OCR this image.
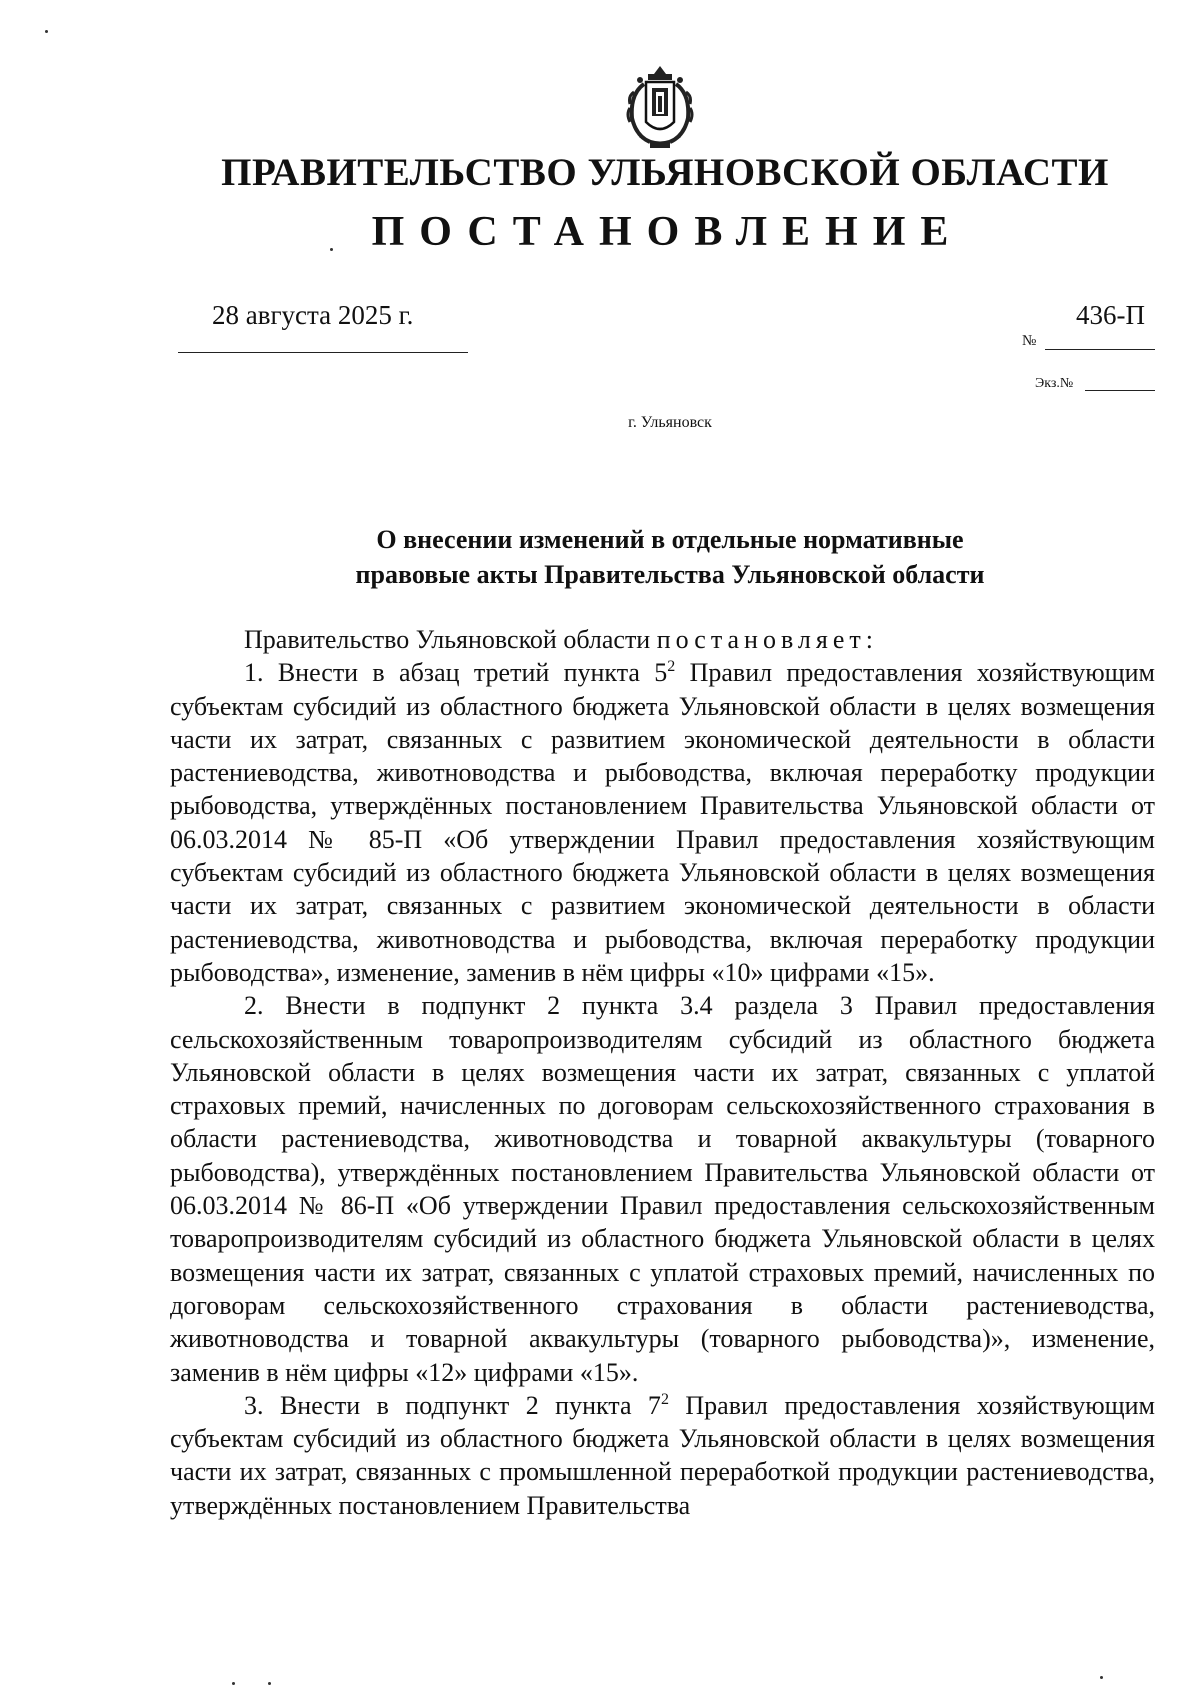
ПРАВИТЕЛЬСТВО УЛЬЯНОВСКОЙ ОБЛАСТИ
ПОСТАНОВЛЕНИЕ
28 августа 2025 г.	436-П
№
Экз.№
г. Ульяновск
О внесении изменений в отдельные нормативные
правовые акты Правительства Ульяновской области

Правительство Ульяновской области постановляет:

1. Внести в абзац третий пункта $5^2$ Правил предоставления хозяйствующим субъектам субсидий из областного бюджета Ульяновской области в целях возмещения части их затрат, связанных с развитием экономической деятельности в области растениеводства, животноводства и рыбоводства, включая переработку продукции рыбоводства, утверждённых постановлением Правительства Ульяновской области от 06.03.2014 № 85-П «Об утверждении Правил предоставления хозяйствующим субъектам субсидий из областного бюджета Ульяновской области в целях возмещения части их затрат, связанных с развитием экономической деятельности в области растениеводства, животноводства и рыбоводства, включая переработку продукции рыбоводства», изменение, заменив в нём цифры «10» цифрами «15».

2. Внести в подпункт 2 пункта 3.4 раздела 3 Правил предоставления сельскохозяйственным товаропроизводителям субсидий из областного бюджета Ульяновской области в целях возмещения части их затрат, связанных с уплатой страховых премий, начисленных по договорам сельскохозяйственного страхования в области растениеводства, животноводства и товарной аквакультуры (товарного рыбоводства), утверждённых постановлением Правительства Ульяновской области от 06.03.2014 № 86-П «Об утверждении Правил предоставления сельскохозяйственным товаропроизводителям субсидий из областного бюджета Ульяновской области в целях возмещения части их затрат, связанных с уплатой страховых премий, начисленных по договорам сельскохозяйственного страхования в области растениеводства, животноводства и товарной аквакультуры (товарного рыбоводства)», изменение, заменив в нём цифры «12» цифрами «15».

3. Внести в подпункт 2 пункта $7^2$ Правил предоставления хозяйствующим субъектам субсидий из областного бюджета Ульяновской области в целях возмещения части их затрат, связанных с промышленной переработкой продукции растениеводства, утверждённых постановлением Правительства
